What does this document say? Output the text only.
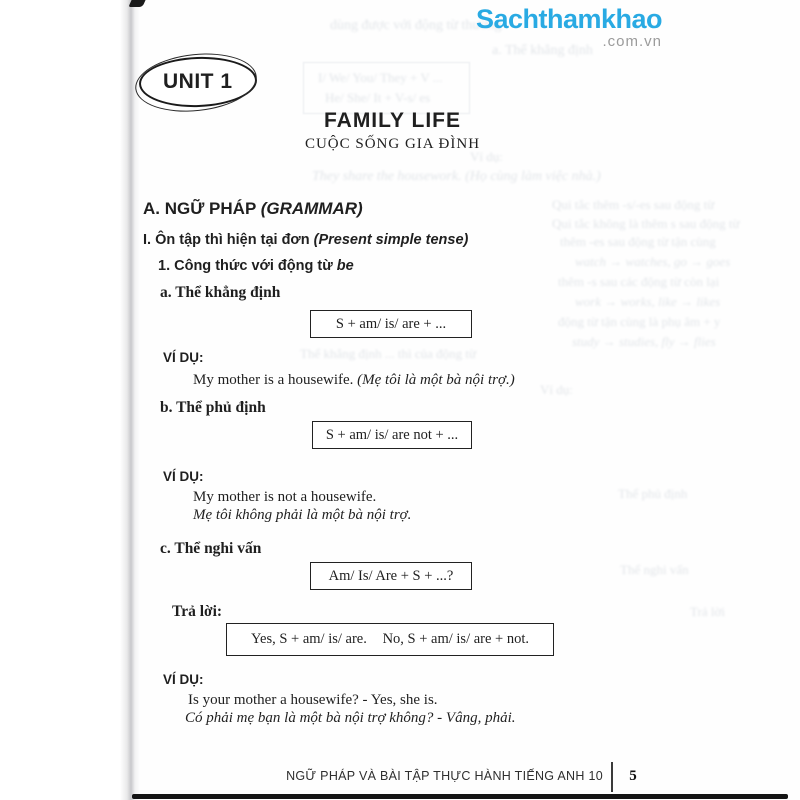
dùng được với động từ thường
a. Thể khẳng định
I/ We/ You/ They + V ...
He/ She/ It + V-s/ es
Ví dụ:
They share the housework. (Họ cùng làm việc nhà.)
Qui tắc thêm -s/-es sau động từ
Qui tắc không là thêm s sau động từ
thêm -es sau động từ tận cùng
watch → watches, go → goes
thêm -s sau các động từ còn lại
work → works, like → likes
động từ tận cùng là phụ âm + y
study → studies, fly → flies
Thể khẳng định ... thì của động từ
Ví dụ:
Thể phủ định
Thể nghi vấn
Trả lời
Sachthamkhao
.com.vn
UNIT 1
FAMILY LIFE
CUỘC SỐNG GIA ĐÌNH
A. NGỮ PHÁP (GRAMMAR)
I. Ôn tập thì hiện tại đơn (Present simple tense)
1. Công thức với động từ be
a. Thể khẳng định
S + am/ is/ are + ...
VÍ DỤ:
My mother is a housewife. (Mẹ tôi là một bà nội trợ.)
b. Thể phủ định
S + am/ is/ are not + ...
VÍ DỤ:
My mother is not a housewife.
Mẹ tôi không phải là một bà nội trợ.
c. Thể nghi vấn
Am/ Is/ Are + S + ...?
Trả lời:
Yes, S + am/ is/ are. No, S + am/ is/ are + not.
VÍ DỤ:
Is your mother a housewife? - Yes, she is.
Có phải mẹ bạn là một bà nội trợ không? - Vâng, phải.
NGỮ PHÁP VÀ BÀI TẬP THỰC HÀNH TIẾNG ANH 10	5
